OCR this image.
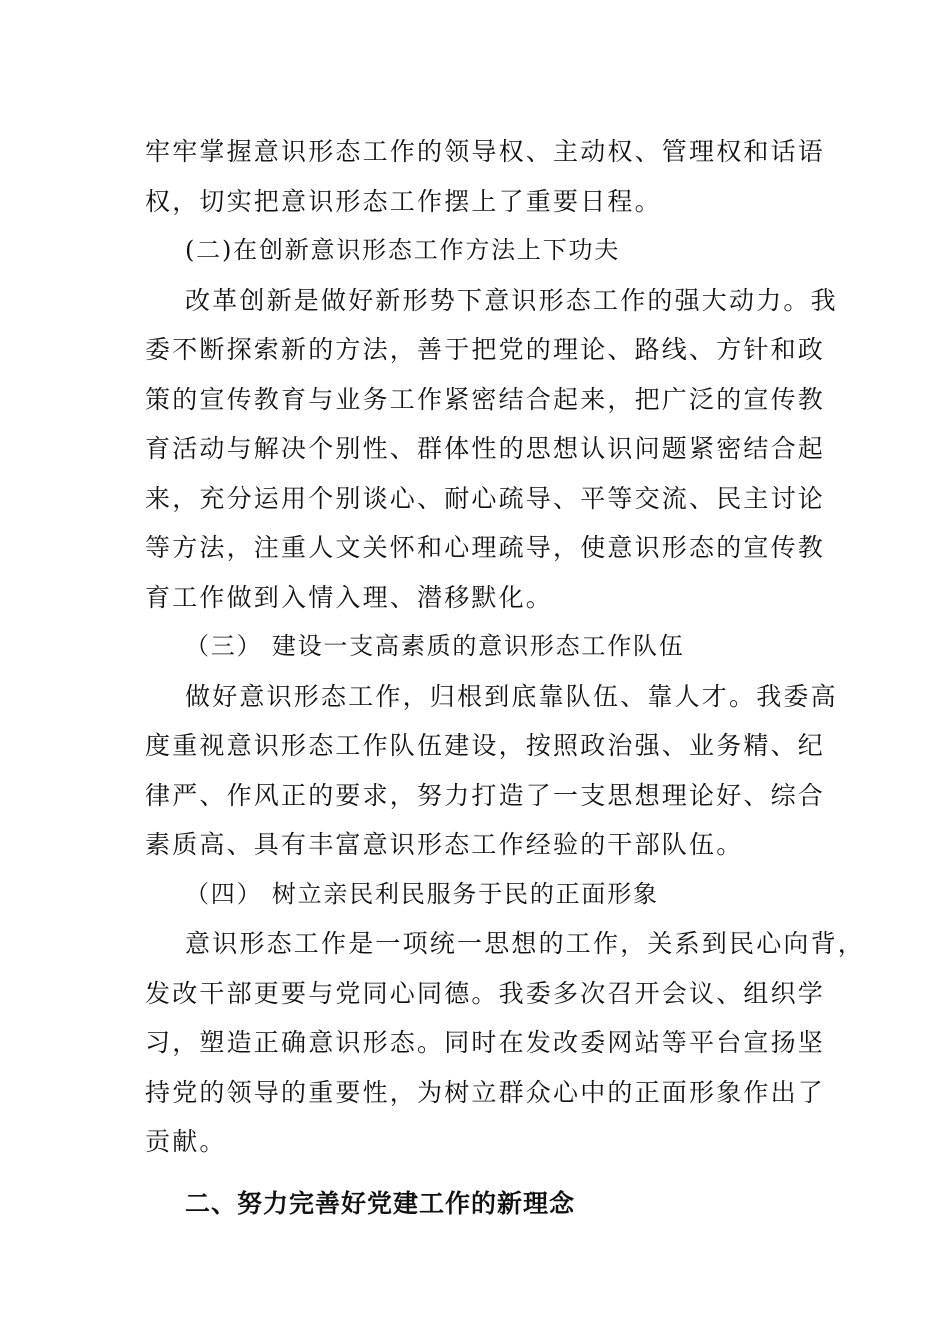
牢牢掌握意识形态工作的领导权、主动权、管理权和话语
权，切实把意识形态工作摆上了重要日程。
(二)在创新意识形态工作方法上下功夫
改革创新是做好新形势下意识形态工作的强大动力。我
委不断探索新的方法，善于把党的理论、路线、方针和政
策的宣传教育与业务工作紧密结合起来，把广泛的宣传教
育活动与解决个别性、群体性的思想认识问题紧密结合起
来，充分运用个别谈心、耐心疏导、平等交流、民主讨论
等方法，注重人文关怀和心理疏导，使意识形态的宣传教
育工作做到入情入理、潜移默化。
（三） 建设一支高素质的意识形态工作队伍
做好意识形态工作，归根到底靠队伍、靠人才。我委高
度重视意识形态工作队伍建设，按照政治强、业务精、纪
律严、作风正的要求，努力打造了一支思想理论好、综合
素质高、具有丰富意识形态工作经验的干部队伍。
（四） 树立亲民利民服务于民的正面形象
意识形态工作是一项统一思想的工作，关系到民心向背，
发改干部更要与党同心同德。我委多次召开会议、组织学
习，塑造正确意识形态。同时在发改委网站等平台宣扬坚
持党的领导的重要性，为树立群众心中的正面形象作出了
贡献。
二、努力完善好党建工作的新理念
